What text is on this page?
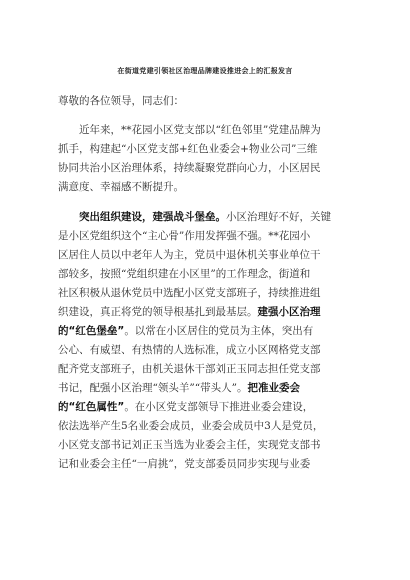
在街道党建引领社区治理品牌建设推进会上的汇报发言
尊敬的各位领导，同志们：
近年来，**花园小区党支部以“红色邻里”党建品牌为
抓手，构建起“小区党支部+红色业委会+物业公司”三维
协同共治小区治理体系，持续凝聚党群向心力，小区居民
满意度、幸福感不断提升。
突出组织建设，建强战斗堡垒。小区治理好不好，关键
是小区党组织这个“主心骨”作用发挥强不强。**花园小
区居住人员以中老年人为主，党员中退休机关事业单位干
部较多，按照“党组织建在小区里”的工作理念，街道和
社区积极从退休党员中选配小区党支部班子，持续推进组
织建设，真正将党的领导根基扎到最基层。建强小区治理
的“红色堡垒”。以常在小区居住的党员为主体，突出有
公心、有威望、有热情的人选标准，成立小区网格党支部
配齐党支部班子，由机关退休干部刘正玉同志担任党支部
书记，配强小区治理“领头羊”“带头人”。把准业委会
的“红色属性”。在小区党支部领导下推进业委会建设，
依法选举产生5名业委会成员，业委会成员中3人是党员，
小区党支部书记刘正玉当选为业委会主任，实现党支部书
记和业委会主任“一肩挑”，党支部委员同步实现与业委
